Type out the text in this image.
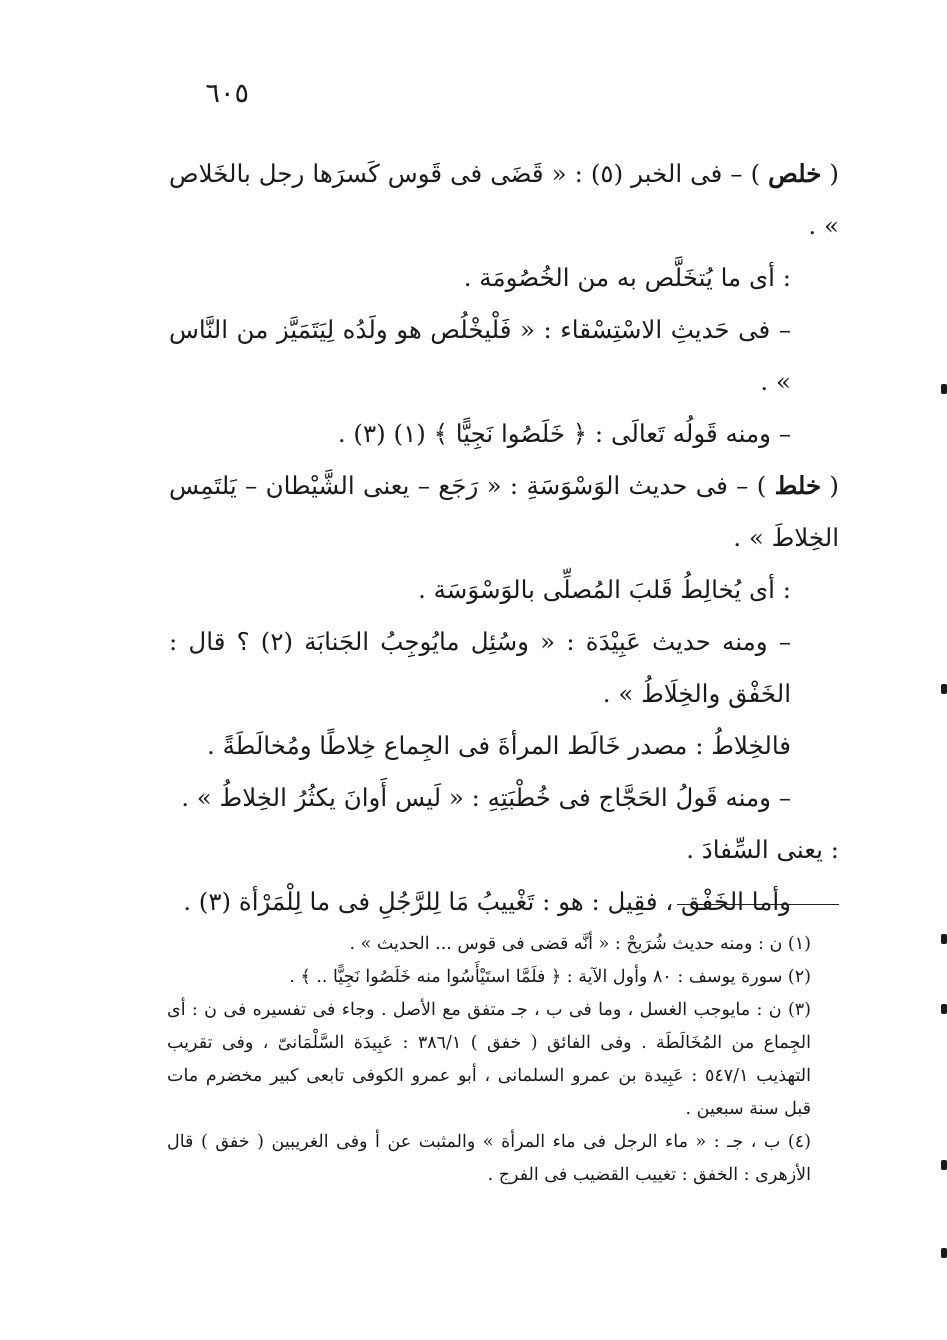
٦٠٥

( خلص ) – فى الخبر (٥) : « قَضَى فى قَوس كَسرَها رجل بالخَلاص » .

: أى ما يُتخَلَّص به من الخُصُومَة .

– فى حَديثِ الاسْتِسْقاء : « فَلْيخْلُص هو ولَدُه لِيَتَمَيَّز من النَّاس » .

– ومنه قَولُه تَعالَى : ﴿ خَلَصُوا نَجِيًّا ﴾ (١) (٣) .

( خلط ) – فى حديث الوَسْوَسَةِ : « رَجَع – يعنى الشَّيْطان – يَلتَمِس الخِلاطَ » .

: أى يُخالِطُ قَلبَ المُصلِّى بالوَسْوَسَة .

– ومنه حديث عَبِيْدَة : « وسُئِل مايُوجِبُ الجَنابَة (٢) ؟ قال : الخَفْق والخِلَاطُ » .

فالخِلاطُ : مصدر خَالَط المرأةَ فى الجِماع خِلاطًا ومُخالَطَةً .

– ومنه قَولُ الحَجَّاج فى خُطْبَتِهِ : « لَيس أَوانَ يكثُرُ الخِلاطُ » .

: يعنى السِّفادَ .

وأما الخَفْق ، فقِيل : هو : تَغْييبُ مَا لِلرَّجُلِ فى ما لِلْمَرْأة (٣) .

(١) ن : ومنه حديث شُرَيحْ : « أنَّه قضى فى قوس ... الحديث » .

(٢) سورة يوسف : ٨٠ وأول الآية : ﴿ فلَمَّا استَيْأَسُوا منه خَلَصُوا نَجِيًّا .. ﴾ .

(٣) ن : مايوجب الغسل ، وما فى ب ، جـ متفق مع الأصل . وجاء فى تفسيره فى ن : أى الجِماع من المُخَالَطَة . وفى الفائق ( خفق ) ٣٨٦/١ : عَبِيدَة السَّلْمَانىّ ، وفى تقريب التهذيب ٥٤٧/١ : عَبِيدة بن عمرو السلمانى ، أبو عمرو الكوفى تابعى كبير مخضرم مات قبل سنة سبعين .

(٤) ب ، جـ : « ماء الرجل فى ماء المرأة » والمثبت عن أ وفى الغريبين ( خفق ) قال الأزهرى : الخفق : تغييب القضيب فى الفرج .
